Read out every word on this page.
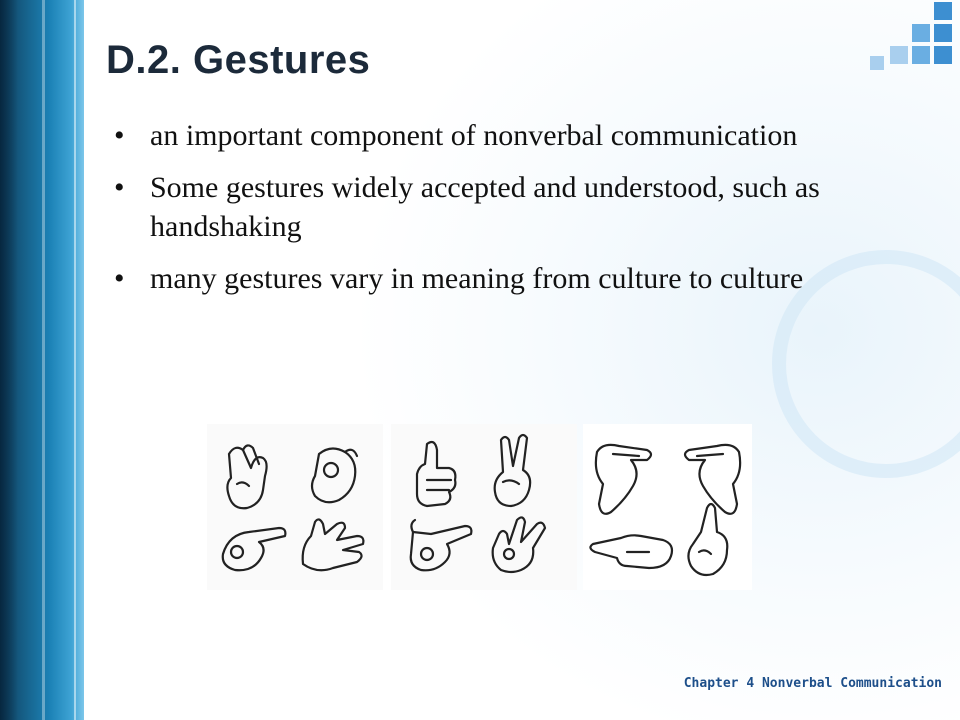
D.2. Gestures
• an important component of nonverbal communication
• Some gestures widely accepted and understood, such as handshaking
• many gestures vary in meaning from culture to culture
Chapter 4 Nonverbal Communication
